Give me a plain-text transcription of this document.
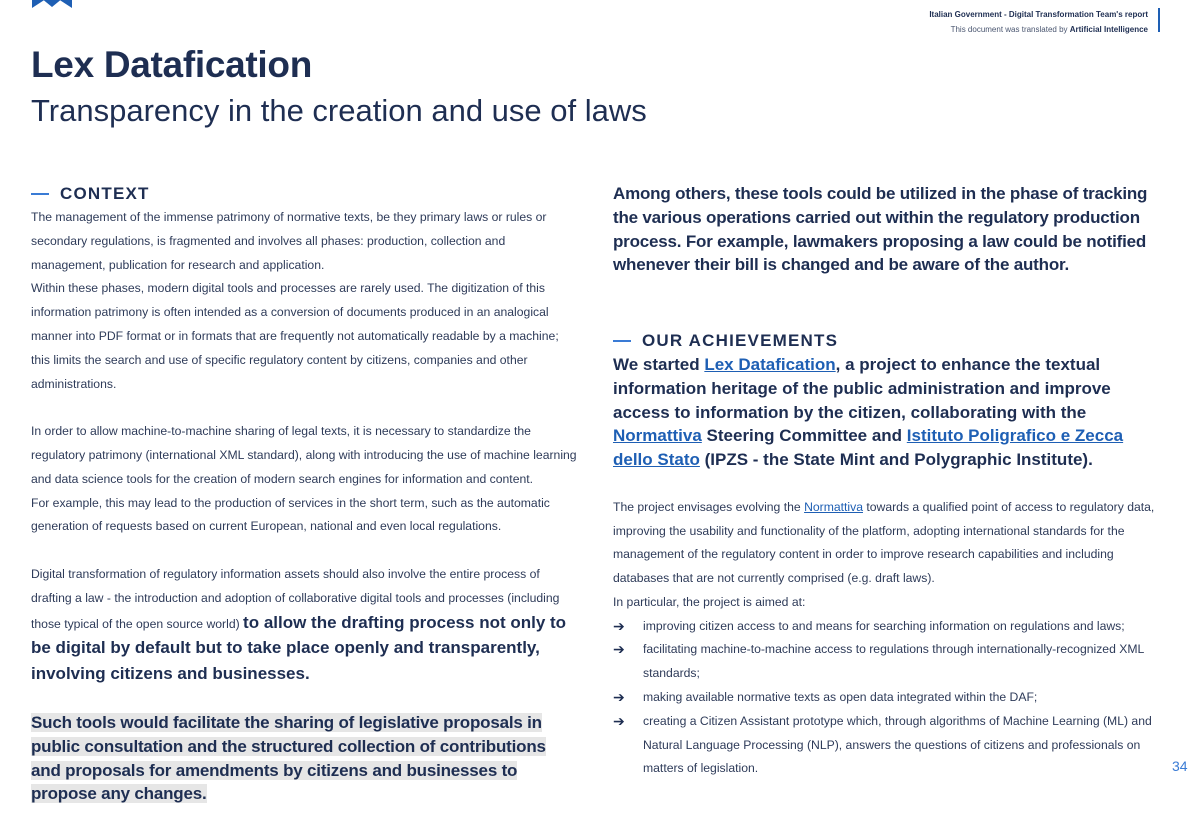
Italian Government - Digital Transformation Team's report
This document was translated by Artificial Intelligence
Lex Datafication
Transparency in the creation and use of laws
CONTEXT

The management of the immense patrimony of normative texts, be they primary laws or rules or secondary regulations, is fragmented and involves all phases: production, collection and management, publication for research and application.

Within these phases, modern digital tools and processes are rarely used. The digitization of this information patrimony is often intended as a conversion of documents produced in an analogical manner into PDF format or in formats that are frequently not automatically readable by a machine; this limits the search and use of specific regulatory content by citizens, companies and other administrations.

In order to allow machine-to-machine sharing of legal texts, it is necessary to standardize the regulatory patrimony (international XML standard), along with introducing the use of machine learning and data science tools for the creation of modern search engines for information and content.

For example, this may lead to the production of services in the short term, such as the automatic generation of requests based on current European, national and even local regulations.

Digital transformation of regulatory information assets should also involve the entire process of drafting a law - the introduction and adoption of collaborative digital tools and processes (including those typical of the open source world) to allow the drafting process not only to be digital by default but to take place openly and transparently, involving citizens and businesses.

Such tools would facilitate the sharing of legislative proposals in public consultation and the structured collection of contributions and proposals for amendments by citizens and businesses to propose any changes.

Among others, these tools could be utilized in the phase of tracking the various operations carried out within the regulatory production process. For example, lawmakers proposing a law could be notified whenever their bill is changed and be aware of the author.

OUR ACHIEVEMENTS

We started Lex Datafication, a project to enhance the textual information heritage of the public administration and improve access to information by the citizen, collaborating with the Normattiva Steering Committee and Istituto Poligrafico e Zecca dello Stato (IPZS - the State Mint and Polygraphic Institute).

The project envisages evolving the Normattiva towards a qualified point of access to regulatory data, improving the usability and functionality of the platform, adopting international standards for the management of the regulatory content in order to improve research capabilities and including databases that are not currently comprised (e.g. draft laws).

In particular, the project is aimed at:

➔ improving citizen access to and means for searching information on regulations and laws;
➔ facilitating machine-to-machine access to regulations through internationally-recognized XML standards;
➔ making available normative texts as open data integrated within the DAF;
➔ creating a Citizen Assistant prototype which, through algorithms of Machine Learning (ML) and Natural Language Processing (NLP), answers the questions of citizens and professionals on matters of legislation.	34
